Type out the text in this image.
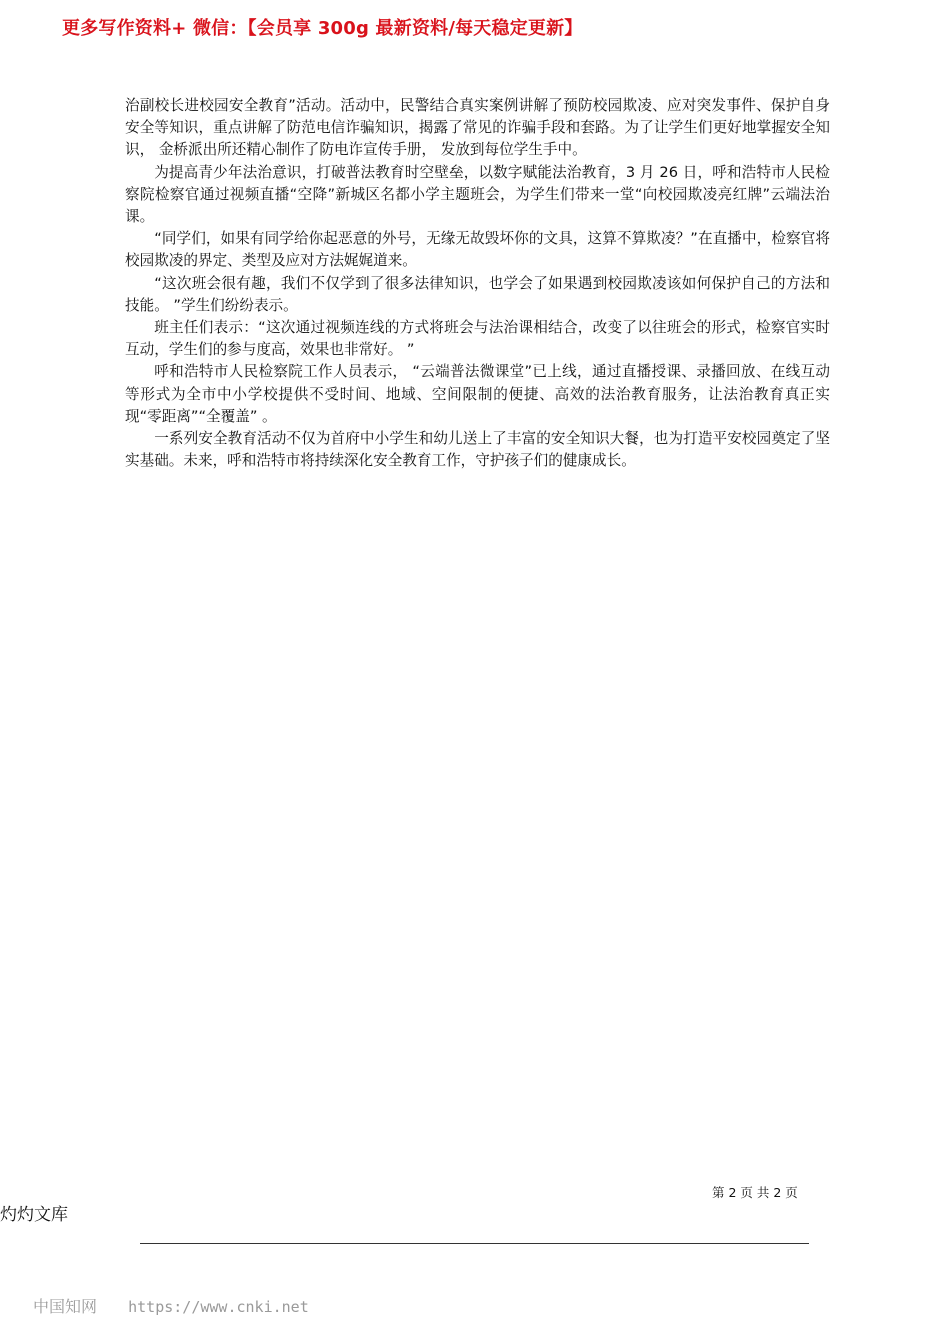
更多写作资料+ 微信：【会员享 300g 最新资料/每天稳定更新】

治副校长进校园安全教育”活动。活动中，民警结合真实案例讲解了预防校园欺凌、应对突发事件、保护自身安全等知识，重点讲解了防范电信诈骗知识，揭露了常见的诈骗手段和套路。为了让学生们更好地掌握安全知识， 金桥派出所还精心制作了防电诈宣传手册， 发放到每位学生手中。

为提高青少年法治意识，打破普法教育时空壁垒，以数字赋能法治教育，3 月 26 日，呼和浩特市人民检察院检察官通过视频直播“空降”新城区名都小学主题班会，为学生们带来一堂“向校园欺凌亮红牌”云端法治课。

“同学们，如果有同学给你起恶意的外号，无缘无故毁坏你的文具，这算不算欺凌？”在直播中，检察官将校园欺凌的界定、类型及应对方法娓娓道来。

“这次班会很有趣，我们不仅学到了很多法律知识，也学会了如果遇到校园欺凌该如何保护自己的方法和技能。 ”学生们纷纷表示。

班主任们表示：“这次通过视频连线的方式将班会与法治课相结合，改变了以往班会的形式，检察官实时互动，学生们的参与度高，效果也非常好。 ”

呼和浩特市人民检察院工作人员表示， “云端普法微课堂”已上线，通过直播授课、录播回放、在线互动等形式为全市中小学校提供不受时间、地域、空间限制的便捷、高效的法治教育服务，让法治教育真正实现“零距离”“全覆盖” 。

一系列安全教育活动不仅为首府中小学生和幼儿送上了丰富的安全知识大餐，也为打造平安校园奠定了坚实基础。未来，呼和浩特市将持续深化安全教育工作，守护孩子们的健康成长。

第 2 页 共 2 页
灼灼文库
中国知网 https://www.cnki.net
